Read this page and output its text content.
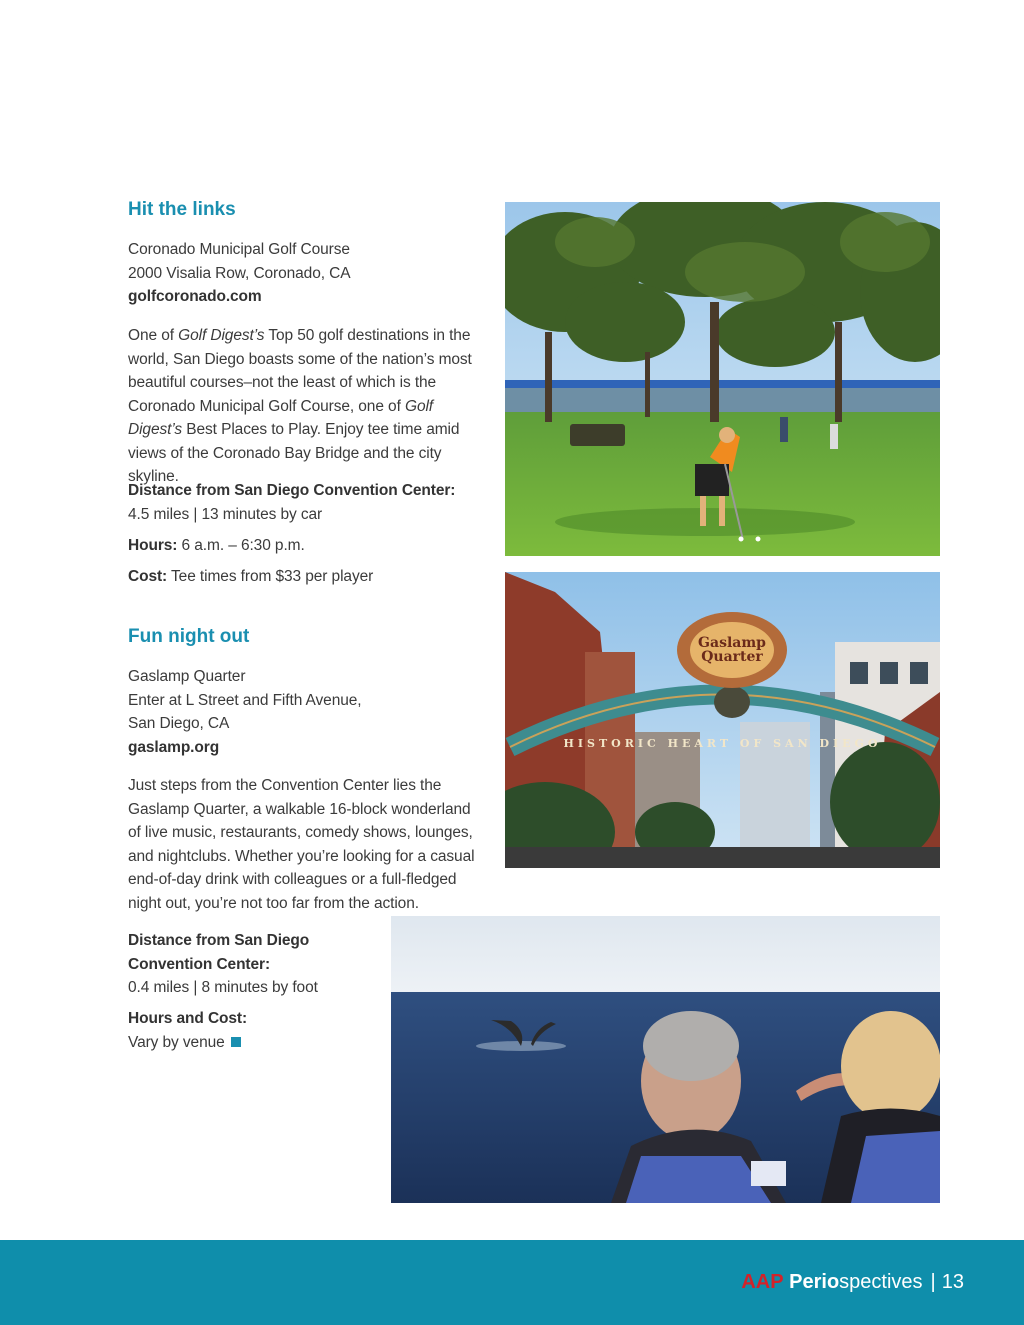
Hit the links

Coronado Municipal Golf Course

2000 Visalia Row, Coronado, CA

golfcoronado.com

One of Golf Digest’s Top 50 golf destinations in the world, San Diego boasts some of the nation’s most beautiful courses–not the least of which is the Coronado Municipal Golf Course, one of Golf Digest’s Best Places to Play. Enjoy tee time amid views of the Coronado Bay Bridge and the city skyline.

Distance from San Diego Convention Center:

4.5 miles | 13 minutes by car

Hours: 6 a.m. – 6:30 p.m.

Cost: Tee times from $33 per player

Fun night out

Gaslamp Quarter

Enter at L Street and Fifth Avenue,

San Diego, CA

gaslamp.org

Just steps from the Convention Center lies the Gaslamp Quarter, a walkable 16-block wonderland of live music, restaurants, comedy shows, lounges, and nightclubs. Whether you’re looking for a casual end-of-day drink with colleagues or a full-fledged night out, you’re not too far from the action.

Distance from San Diego

Convention Center:

0.4 miles | 8 minutes by foot

Hours and Cost:

Vary by venue

Gaslamp Quarter
HISTORIC HEART OF SAN DIEGO
AAP Periospectives | 13
